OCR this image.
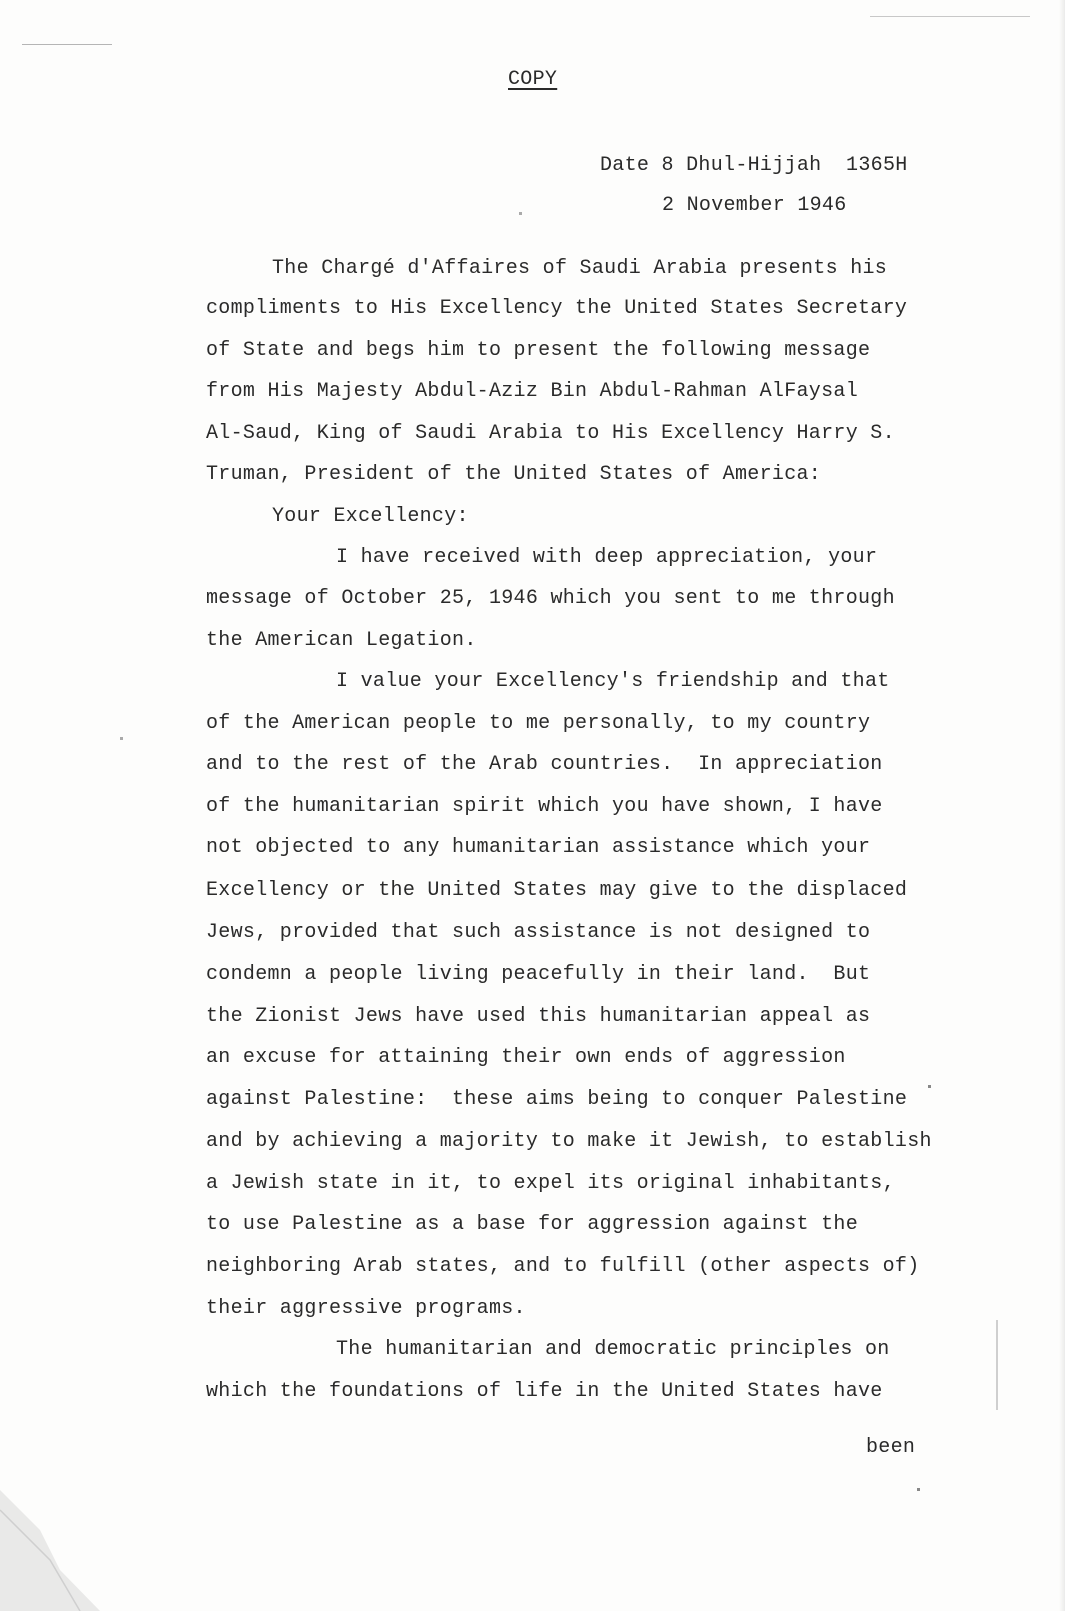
COPY
Date 8 Dhul-Hijjah  1365H
2 November 1946
The Chargé d'Affaires of Saudi Arabia presents his
compliments to His Excellency the United States Secretary
of State and begs him to present the following message
from His Majesty Abdul-Aziz Bin Abdul-Rahman AlFaysal
Al-Saud, King of Saudi Arabia to His Excellency Harry S.
Truman, President of the United States of America:
Your Excellency:
I have received with deep appreciation, your
message of October 25, 1946 which you sent to me through
the American Legation.
I value your Excellency's friendship and that
of the American people to me personally, to my country
and to the rest of the Arab countries.  In appreciation
of the humanitarian spirit which you have shown, I have
not objected to any humanitarian assistance which your
Excellency or the United States may give to the displaced
Jews, provided that such assistance is not designed to
condemn a people living peacefully in their land.  But
the Zionist Jews have used this humanitarian appeal as
an excuse for attaining their own ends of aggression
against Palestine:  these aims being to conquer Palestine
and by achieving a majority to make it Jewish, to establish
a Jewish state in it, to expel its original inhabitants,
to use Palestine as a base for aggression against the
neighboring Arab states, and to fulfill (other aspects of)
their aggressive programs.
The humanitarian and democratic principles on
which the foundations of life in the United States have
been
